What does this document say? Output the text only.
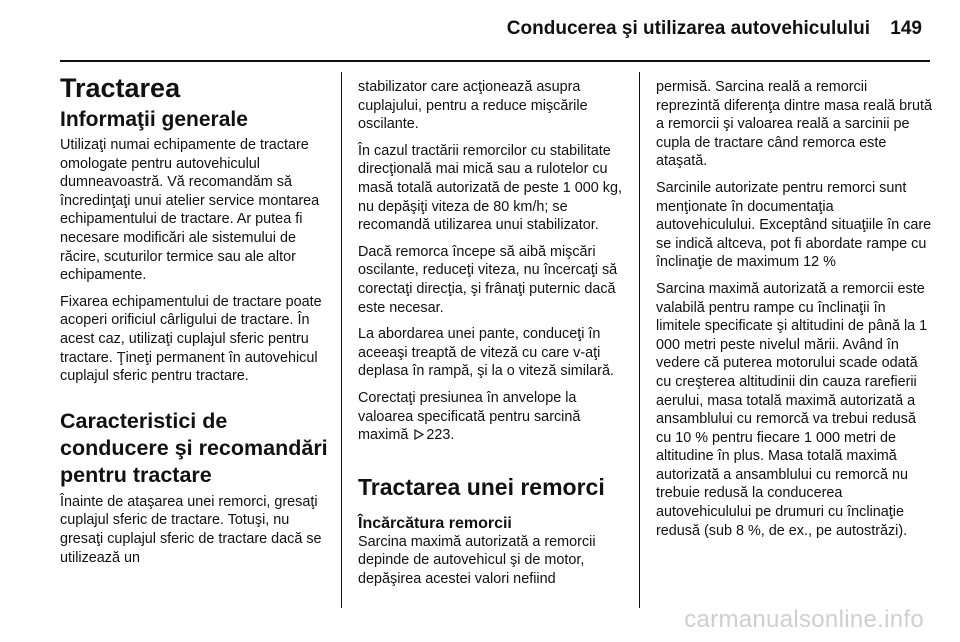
Conducerea şi utilizarea autovehiculului 149
Tractarea
Informaţii generale

Utilizaţi numai echipamente de tractare omologate pentru autovehiculul dumneavoastră. Vă recomandăm să încredinţaţi unui atelier service montarea echipamentului de tractare. Ar putea fi necesare modificări ale sistemului de răcire, scuturilor termice sau ale altor echipamente.

Fixarea echipamentului de tractare poate acoperi orificiul cârligului de tractare. În acest caz, utilizaţi cuplajul sferic pentru tractare. Ţineţi permanent în autovehicul cuplajul sferic pentru tractare.

Caracteristici de conducere şi recomandări pentru tractare

Înainte de ataşarea unei remorci, gresaţi cuplajul sferic de tractare. Totuşi, nu gresaţi cuplajul sferic de tractare dacă se utilizează un

stabilizator care acţionează asupra cuplajului, pentru a reduce mişcările oscilante.

În cazul tractării remorcilor cu stabilitate direcţională mai mică sau a rulotelor cu masă totală autorizată de peste 1 000 kg, nu depăşiţi viteza de 80 km/h; se recomandă utilizarea unui stabilizator.

Dacă remorca începe să aibă mişcări oscilante, reduceţi viteza, nu încercaţi să corectaţi direcţia, şi frânaţi puternic dacă este necesar.

La abordarea unei pante, conduceţi în aceeaşi treaptă de viteză cu care v-aţi deplasa în rampă, şi la o viteză similară.

Corectaţi presiunea în anvelope la valoarea specificată pentru sarcină maximă 223.

Tractarea unei remorci
Încărcătura remorcii

Sarcina maximă autorizată a remorcii depinde de autovehicul şi de motor, depăşirea acestei valori nefiind

permisă. Sarcina reală a remorcii reprezintă diferenţa dintre masa reală brută a remorcii şi valoarea reală a sarcinii pe cupla de tractare când remorca este ataşată.

Sarcinile autorizate pentru remorci sunt menţionate în documentaţia autovehiculului. Exceptând situaţiile în care se indică altceva, pot fi abordate rampe cu înclinaţie de maximum 12 %

Sarcina maximă autorizată a remorcii este valabilă pentru rampe cu înclinaţii în limitele specificate şi altitudini de până la 1 000 metri peste nivelul mării. Având în vedere că puterea motorului scade odată cu creşterea altitudinii din cauza rarefierii aerului, masa totală maximă autorizată a ansamblului cu remorcă va trebui redusă cu 10 % pentru fiecare 1 000 metri de altitudine în plus. Masa totală maximă autorizată a ansamblului cu remorcă nu trebuie redusă la conducerea autovehiculului pe drumuri cu înclinaţie redusă (sub 8 %, de ex., pe autostrăzi).

carmanualsonline.info
